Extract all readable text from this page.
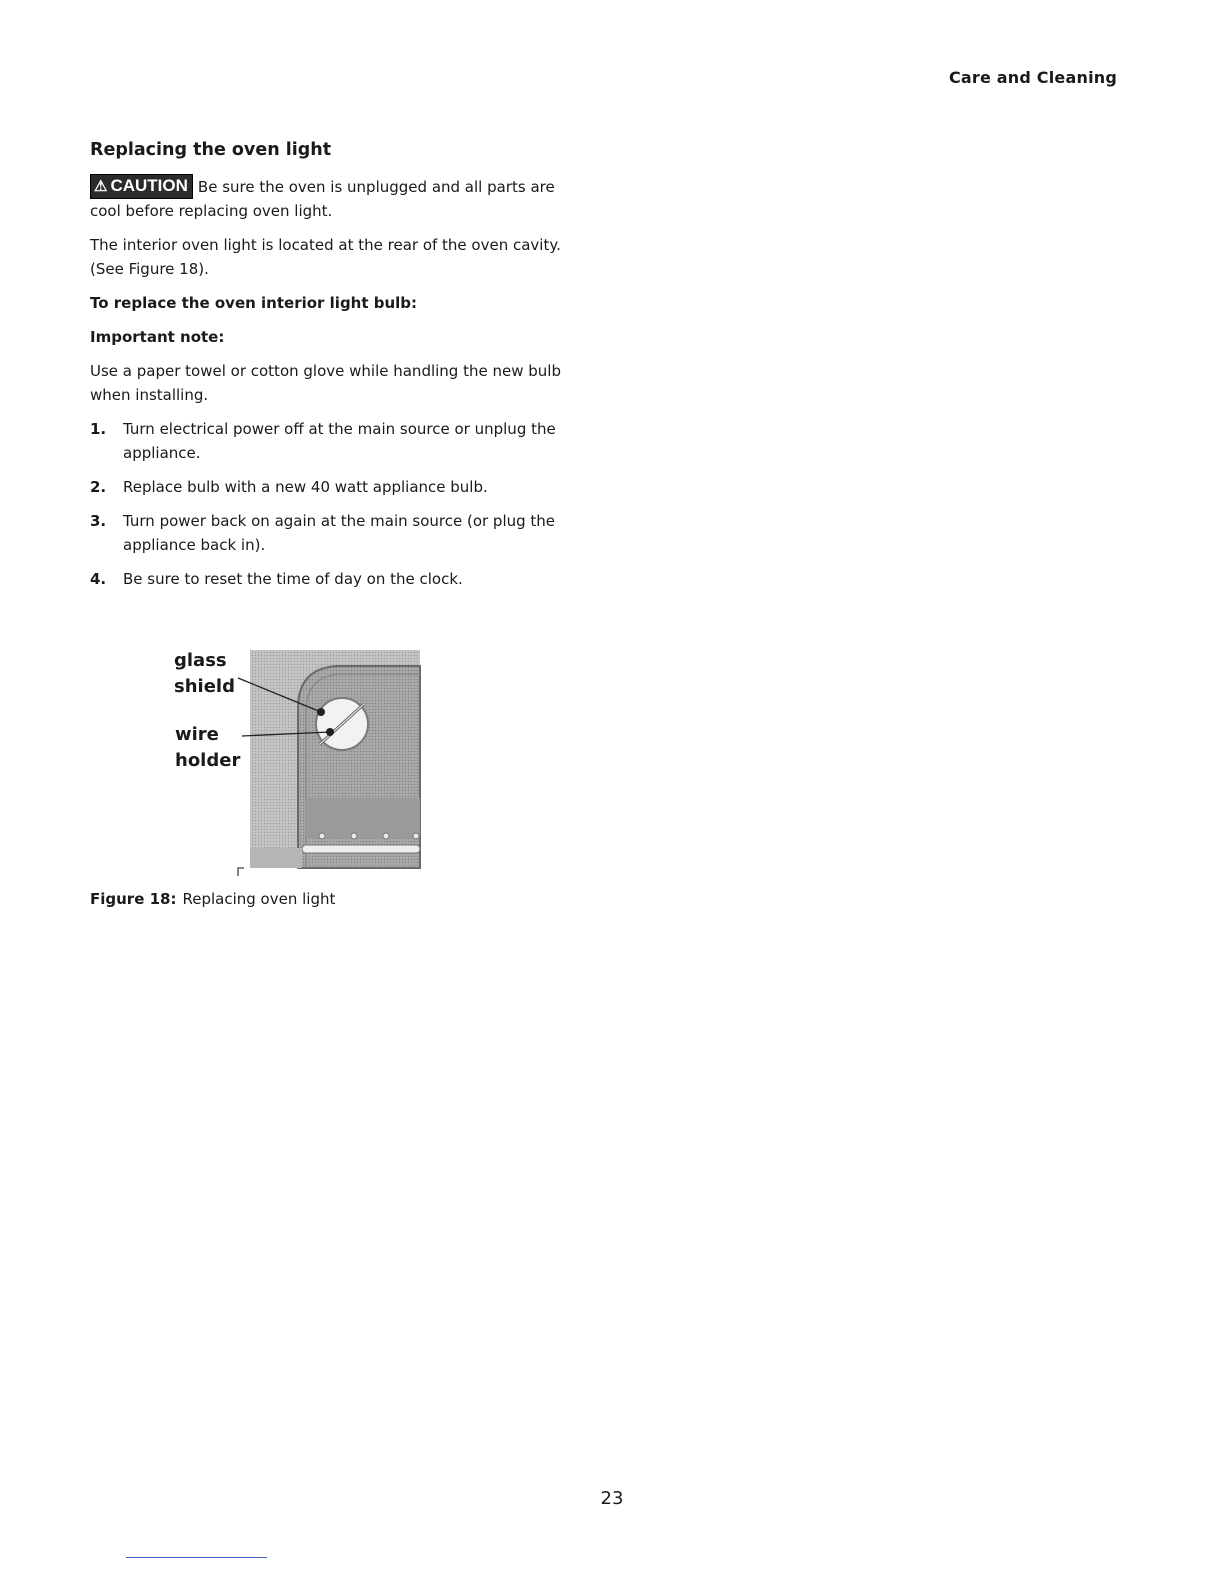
Care and Cleaning
Replacing the oven light

⚠ CAUTION Be sure the oven is unplugged and all parts are cool before replacing oven light.

The interior oven light is located at the rear of the oven cavity. (See Figure 18).

To replace the oven interior light bulb:
Important note:

Use a paper towel or cotton glove while handling the new bulb when installing.

1. Turn electrical power off at the main source or unplug the appliance.
2. Replace bulb with a new 40 watt appliance bulb.
3. Turn power back on again at the main source (or plug the appliance back in).
4. Be sure to reset the time of day on the clock.
glass
shield
wire
holder
Figure 18: Replacing oven light
23
